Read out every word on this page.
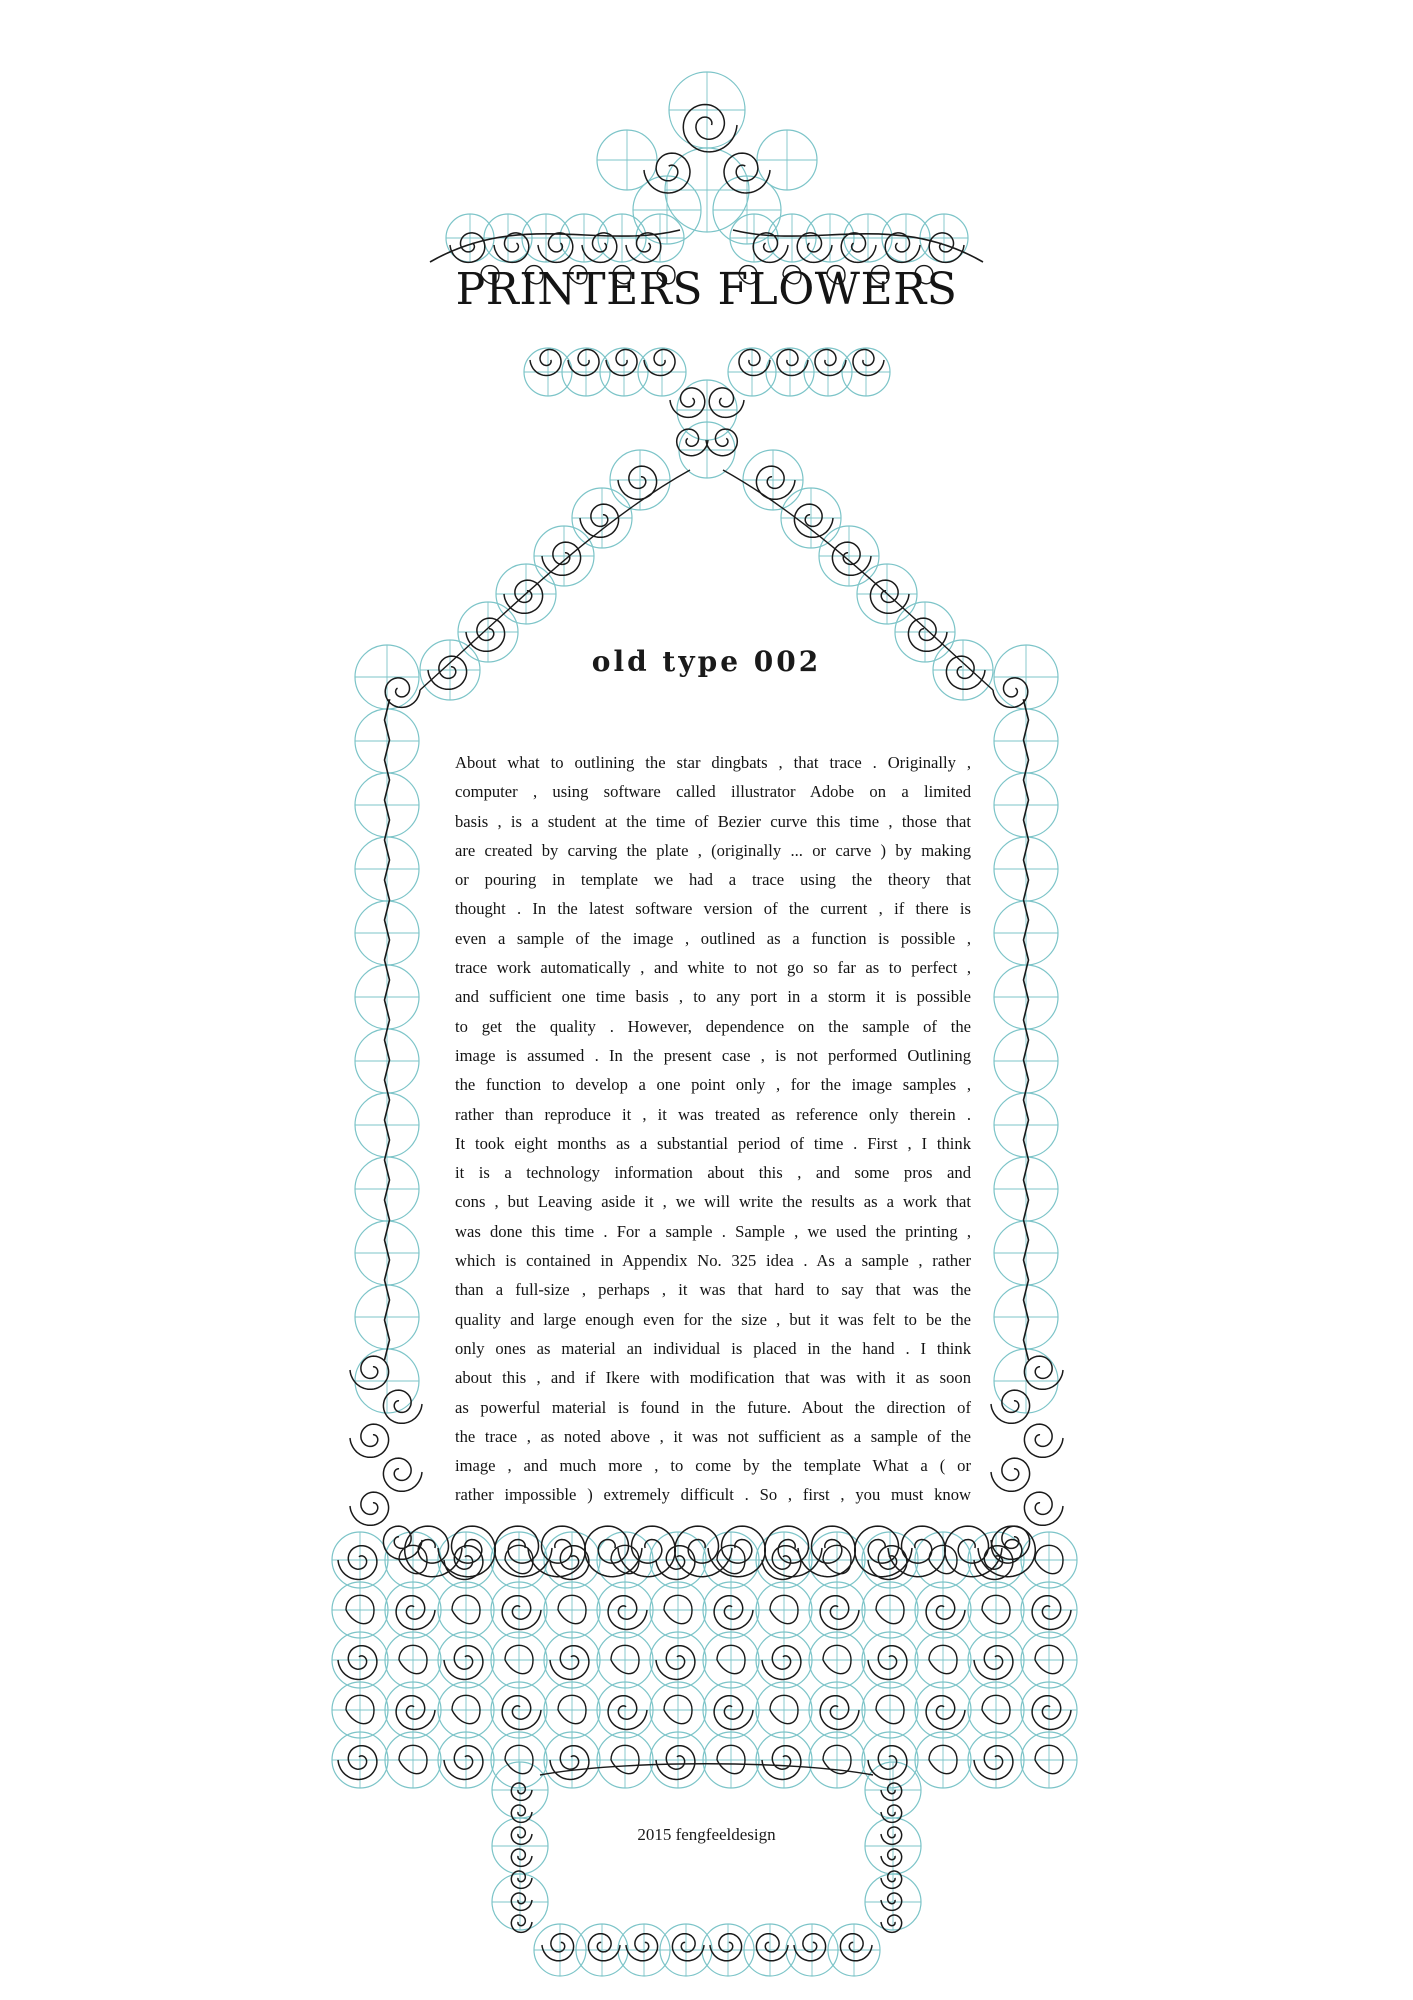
PRINTERS FLOWERS
old type 002
About what to outlining the star dingbats , that trace . Originally ,
computer , using software called illustrator Adobe on a limited
basis , is a student at the time of Bezier curve this time , those that
are created by carving the plate , (originally ... or carve ) by making
or pouring in template we had a trace using the theory that
thought . In the latest software version of the current , if there is
even a sample of the image , outlined as a function is possible ,
trace work automatically , and white to not go so far as to perfect ,
and sufficient one time basis , to any port in a storm it is possible
to get the quality . However, dependence on the sample of the
image is assumed . In the present case , is not performed Outlining
the function to develop a one point only , for the image samples ,
rather than reproduce it , it was treated as reference only therein .
It took eight months as a substantial period of time . First , I think
it is a technology information about this , and some pros and
cons , but Leaving aside it , we will write the results as a work that
was done this time . For a sample . Sample , we used the printing ,
which is contained in Appendix No. 325 idea . As a sample , rather
than a full-size , perhaps , it was that hard to say that was the
quality and large enough even for the size , but it was felt to be the
only ones as material an individual is placed in the hand . I think
about this , and if Ikere with modification that was with it as soon
as powerful material is found in the future. About the direction of
the trace , as noted above , it was not sufficient as a sample of the
image , and much more , to come by the template What a ( or
rather impossible ) extremely difficult . So , first , you must know

2015 fengfeeldesign
